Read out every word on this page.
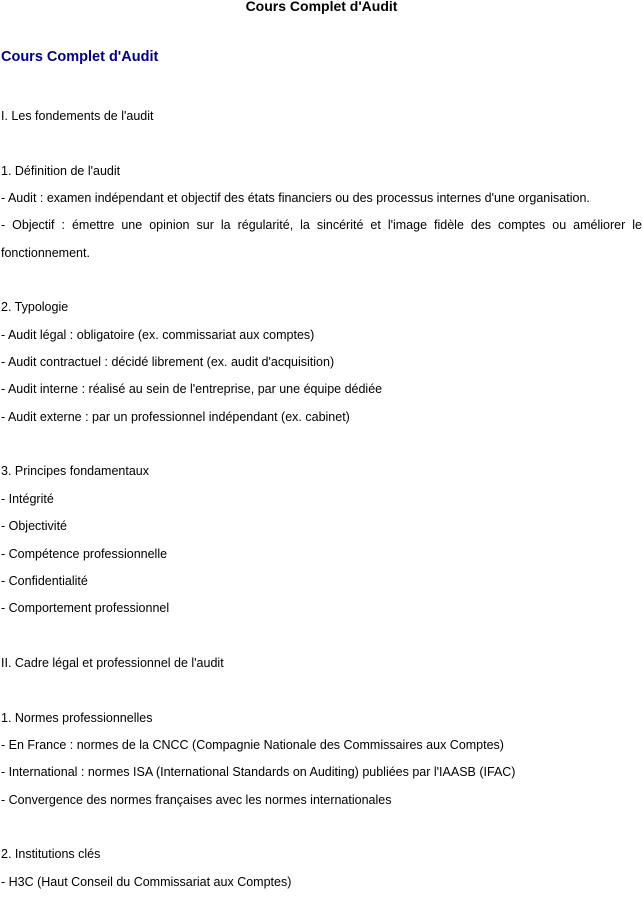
Cours Complet d'Audit
Cours Complet d'Audit
I. Les fondements de l'audit
1. Définition de l'audit
- Audit : examen indépendant et objectif des états financiers ou des processus internes d'une organisation.
- Objectif : émettre une opinion sur la régularité, la sincérité et l'image fidèle des comptes ou améliorer le
fonctionnement.
2. Typologie
- Audit légal : obligatoire (ex. commissariat aux comptes)
- Audit contractuel : décidé librement (ex. audit d'acquisition)
- Audit interne : réalisé au sein de l'entreprise, par une équipe dédiée
- Audit externe : par un professionnel indépendant (ex. cabinet)
3. Principes fondamentaux
- Intégrité
- Objectivité
- Compétence professionnelle
- Confidentialité
- Comportement professionnel
II. Cadre légal et professionnel de l'audit
1. Normes professionnelles
- En France : normes de la CNCC (Compagnie Nationale des Commissaires aux Comptes)
- International : normes ISA (International Standards on Auditing) publiées par l'IAASB (IFAC)
- Convergence des normes françaises avec les normes internationales
2. Institutions clés
- H3C (Haut Conseil du Commissariat aux Comptes)
